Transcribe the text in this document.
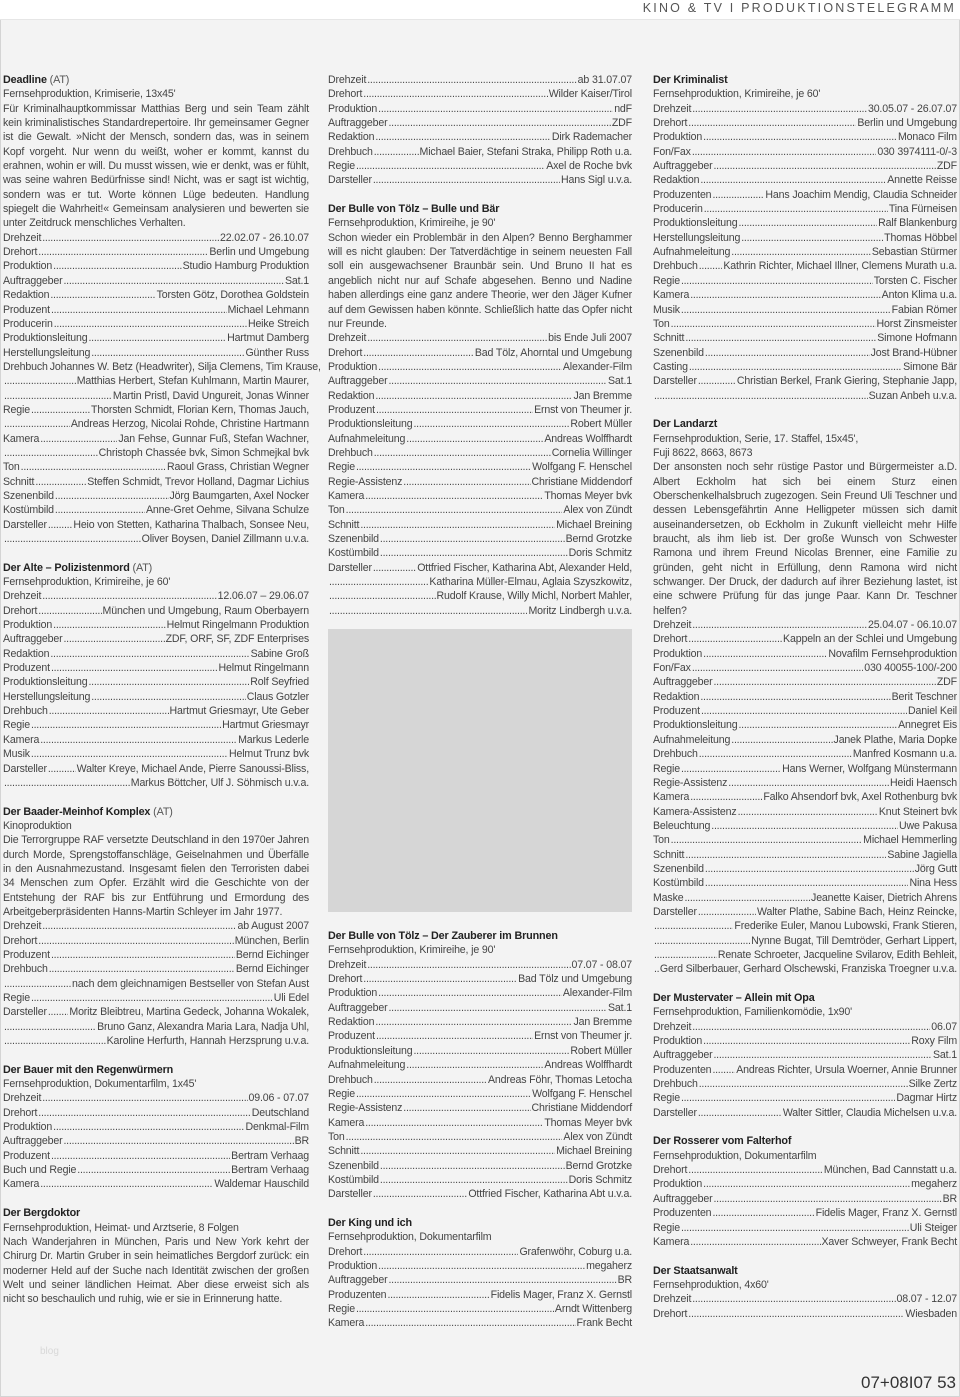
KINO & TV I PRODUKTIONSTELEGRAMM
Deadline (AT)
Fernsehproduktion, Krimiserie, 13x45'
Für Kriminalhauptkommissar Matthias Berg und sein Team zählt kein kriminalistisches Standardrepertoire. Ihr gemeinsamer Gegner ist die Gewalt. »Nicht der Mensch, sondern das, was in seinem Kopf vorgeht. Nur wenn du weißt, woher er kommt, kannst du erahnen, wohin er will. Du musst wissen, wie er denkt, was er fühlt, was seine wahren Bedürfnisse sind! Nicht, was er sagt ist wichtig, sondern was er tut. Worte können Lüge bedeuten. Handlung spiegelt die Wahrheit!« Gemeinsam analysieren und bewerten sie unter Zeitdruck menschliches Verhalten.
Drehzeit . . .	22.02.07 - 26.10.07
Drehort . . .	Berlin und Umgebung
Produktion . . .	Studio Hamburg Produktion
Auftraggeber . . .	Sat.1
Redaktion . . .	Torsten Götz, Dorothea Goldstein
Produzent . . .	Michael Lehmann
Producerin . . .	Heike Streich
Produktionsleitung . . .	Hartmut Damberg
Herstellungsleitung . . .	Günther Russ
Drehbuch Johannes W. Betz (Headwriter), Silja Clemens, Tim Krause,
. . .
Matthias Herbert, Stefan Kuhlmann, Martin Maurer,
. . .
Martin Pristl, David Ungureit, Jonas Winner
Regie . . .	Thorsten Schmidt, Florian Kern, Thomas Jauch,
. . .
Andreas Herzog, Nicolai Rohde, Christine Hartmann
Kamera . . .	Jan Fehse, Gunnar Fuß, Stefan Wachner,
. . .
Christoph Chassée bvk, Simon Schmejkal bvk
Ton . . .	Raoul Grass, Christian Wegner
Schnitt . . .	Steffen Schmidt, Trevor Holland, Dagmar Lichius
Szenenbild . . .	Jörg Baumgarten, Axel Nocker
Kostümbild . . .	Anne-Gret Oehme, Silvana Schulze
Darsteller . . . Heio von Stetten, Katharina Thalbach, Sonsee Neu,
. . .
Oliver Boysen, Daniel Zillmann u.v.a.
Der Alte – Polizistenmord (AT)
Fernsehproduktion, Krimireihe, je 60'
Drehzeit . . .	12.06.07 – 29.06.07
Drehort . . .	München und Umgebung, Raum Oberbayern
Produktion . . .	Helmut Ringelmann Produktion
Auftraggeber . . .	ZDF, ORF, SF, ZDF Enterprises
Redaktion . . .	Sabine Groß
Produzent . . .	Helmut Ringelmann
Produktionsleitung . . .	Rolf Seyfried
Herstellungsleitung . . .	Claus Gotzler
Drehbuch . . .	Hartmut Griesmayr, Ute Geber
Regie . . .	Hartmut Griesmayr
Kamera . . .	Markus Lederle
Musik . . .	Helmut Trunz bvk
Darsteller . . .	Walter Kreye, Michael Ande, Pierre Sanoussi-Bliss,
. . .
Markus Böttcher, Ulf J. Söhmisch u.v.a.
Der Baader-Meinhof Komplex (AT)
Kinoproduktion
Die Terrorgruppe RAF versetzte Deutschland in den 1970er Jahren durch Morde, Sprengstoffanschläge, Geiselnahmen und Überfälle in den Ausnahmezustand. Insgesamt fielen den Terroristen dabei 34 Menschen zum Opfer. Erzählt wird die Geschichte von der Entstehung der RAF bis zur Entführung und Ermordung des Arbeitgeberpräsidenten Hanns-Martin Schleyer im Jahr 1977.
Drehzeit . . .	ab August 2007
Drehort . . .	München, Berlin
Produzent . . .	Bernd Eichinger
Drehbuch . . .	Bernd Eichinger
. . .
nach dem gleichnamigen Bestseller von Stefan Aust
Regie . . .	Uli Edel
Darsteller . . . Moritz Bleibtreu, Martina Gedeck, Johanna Wokalek,
. . .
Bruno Ganz, Alexandra Maria Lara, Nadja Uhl,
. . .
Karoline Herfurth, Hannah Herzsprung u.v.a.
Der Bauer mit den Regenwürmern
Fernsehproduktion, Dokumentarfilm, 1x45'
Drehzeit . . .	09.06 - 07.07
Drehort . . .	Deutschland
Produktion . . .	Denkmal-Film
Auftraggeber . . .	BR
Produzent . . .	Bertram Verhaag
Buch und Regie . . .	Bertram Verhaag
Kamera . . .	Waldemar Hauschild
Der Bergdoktor
Fernsehproduktion, Heimat- und Arztserie, 8 Folgen
Nach Wanderjahren in München, Paris und New York kehrt der Chirurg Dr. Martin Gruber in sein heimatliches Bergdorf zurück: ein moderner Held auf der Suche nach Identität zwischen der großen Welt und seiner ländlichen Heimat. Aber diese erweist sich als nicht so beschaulich und ruhig, wie er sie in Erinnerung hatte.
Drehzeit . . .	ab 31.07.07
Drehort . . .	Wilder Kaiser/Tirol
Produktion . . .	ndF
Auftraggeber . . .	ZDF
Redaktion . . .	Dirk Rademacher
Drehbuch . . .	Michael Baier, Stefani Straka, Philipp Roth u.a.
Regie . . .	Axel de Roche bvk
Darsteller . . .	Hans Sigl u.v.a.
Der Bulle von Tölz – Bulle und Bär
Fernsehproduktion, Krimireihe, je 90'
Schon wieder ein Problembär in den Alpen? Benno Berghammer will es nicht glauben: Der Tatverdächtige in seinem neuesten Fall soll ein ausgewachsener Braunbär sein. Und Bruno II hat es angeblich nicht nur auf Schafe abgesehen. Benno und Nadine haben allerdings eine ganz andere Theorie, wer den Jäger Kufner auf dem Gewissen haben könnte. Schließlich hatte das Opfer nicht nur Freunde.
Drehzeit . . .	bis Ende Juli 2007
Drehort . . .	Bad Tölz, Ahorntal und Umgebung
Produktion . . .	Alexander-Film
Auftraggeber . . .	Sat.1
Redaktion . . .	Jan Bremme
Produzent . . .	Ernst von Theumer jr.
Produktionsleitung . . .	Robert Müller
Aufnahmeleitung . . .	Andreas Wolffhardt
Drehbuch . . .	Cornelia Willinger
Regie . . .	Wolfgang F. Henschel
Regie-Assistenz . . .	Christiane Middendorf
Kamera . . .	Thomas Meyer bvk
Ton . . .	Alex von Zündt
Schnitt . . .	Michael Breining
Szenenbild . . .	Bernd Grotzke
Kostümbild . . .	Doris Schmitz
Darsteller . . .	Ottfried Fischer, Katharina Abt, Alexander Held,
. . .
Katharina Müller-Elmau, Aglaia Szyszkowitz,
. . .
Rudolf Krause, Willy Michl, Norbert Mahler,
. . .
Moritz Lindbergh u.v.a.
Der Bulle von Tölz – Der Zauberer im Brunnen
Fernsehproduktion, Krimireihe, je 90'
Drehzeit . . .	07.07 - 08.07
Drehort . . .	Bad Tölz und Umgebung
Produktion . . .	Alexander-Film
Auftraggeber . . .	Sat.1
Redaktion . . .	Jan Bremme
Produzent . . .	Ernst von Theumer jr.
Produktionsleitung . . .	Robert Müller
Aufnahmeleitung . . .	Andreas Wolffhardt
Drehbuch . . .	Andreas Föhr, Thomas Letocha
Regie . . .	Wolfgang F. Henschel
Regie-Assistenz . . .	Christiane Middendorf
Kamera . . .	Thomas Meyer bvk
Ton . . .	Alex von Zündt
Schnitt . . .	Michael Breining
Szenenbild . . .	Bernd Grotzke
Kostümbild . . .	Doris Schmitz
Darsteller . . .	Ottfried Fischer, Katharina Abt u.v.a.
Der King und ich
Fernsehproduktion, Dokumentarfilm
Drehort . . .	Grafenwöhr, Coburg u.a.
Produktion . . .	megaherz
Auftraggeber . . .	BR
Produzenten . . .	Fidelis Mager, Franz X. Gernstl
Regie . . .	Arndt Wittenberg
Kamera . . .	Frank Becht
Der Kriminalist
Fernsehproduktion, Krimireihe, je 60'
Drehzeit . . .	30.05.07 - 26.07.07
Drehort . . .	Berlin und Umgebung
Produktion . . .	Monaco Film
Fon/Fax . . .	030 3974111-0/-3
Auftraggeber . . .	ZDF
Redaktion . . .	Annette Reisse
Produzenten . . .	Hans Joachim Mendig, Claudia Schneider
Producerin . . .	Tina Fürneisen
Produktionsleitung . . .	Ralf Blankenburg
Herstellungsleitung . . .	Thomas Höbbel
Aufnahmeleitung . . .	Sebastian Stürmer
Drehbuch . . . Kathrin Richter, Michael Illner, Clemens Murath u.a.
Regie . . .	Torsten C. Fischer
Kamera . . .	Anton Klima u.a.
Musik . . .	Fabian Römer
Ton . . .	Horst Zinsmeister
Schnitt . . .	Simone Hofmann
Szenenbild . . .	Jost Brand-Hübner
Casting . . .	Simone Bär
Darsteller . . .	Christian Berkel, Frank Giering, Stephanie Japp,
. . .
Suzan Anbeh u.v.a.
Der Landarzt
Fernsehproduktion, Serie, 17. Staffel, 15x45',
Fuji 8622, 8663, 8673
Der ansonsten noch sehr rüstige Pastor und Bürgermeister a.D. Albert Eckholm hat sich bei einem Sturz einen Oberschenkelhalsbruch zugezogen. Sein Freund Uli Teschner und dessen Lebensgefährtin Anne Helligpeter müssen sich damit auseinandersetzen, ob Eckholm in Zukunft vielleicht mehr Hilfe braucht, als ihm lieb ist. Der große Wunsch von Schwester Ramona und ihrem Freund Nicolas Brenner, eine Familie zu gründen, geht nicht in Erfüllung, denn Ramona wird nicht schwanger. Der Druck, der dadurch auf ihrer Beziehung lastet, ist eine schwere Prüfung für das junge Paar. Kann Dr. Teschner helfen?
Drehzeit . . .	25.04.07 - 06.10.07
Drehort . . .	Kappeln an der Schlei und Umgebung
Produktion . . .	Novafilm Fernsehproduktion
Fon/Fax . . .	030 40055-100/-200
Auftraggeber . . .	ZDF
Redaktion . . .	Berit Teschner
Produzent . . .	Daniel Keil
Produktionsleitung . . .	Annegret Eis
Aufnahmeleitung . . .	Janek Plathe, Maria Dopke
Drehbuch . . .	Manfred Kosmann u.a.
Regie . . .	Hans Werner, Wolfgang Münstermann
Regie-Assistenz . . .	Heidi Haensch
Kamera . . .	Falko Ahsendorf bvk, Axel Rothenburg bvk
Kamera-Assistenz . . .	Knut Steinert bvk
Beleuchtung . . .	Uwe Pakusa
Ton . . .	Michael Hemmerling
Schnitt . . .	Sabine Jagiella
Szenenbild . . .	Jörg Gutt
Kostümbild . . .	Nina Hess
Maske . . .	Jeanette Kaiser, Dietrich Ahrens
Darsteller . . .	Walter Plathe, Sabine Bach, Heinz Reincke,
. . .
Frederike Euler, Manou Lubowski, Frank Stieren,
. . .
Nynne Bugat, Till Demtröder, Gerhart Lippert,
. . .
Renate Schroeter, Jacqueline Svilarov, Edith Behleit,
. . .
Gerd Silberbauer, Gerhard Olschewski, Franziska Troegner u.v.a.
Der Mustervater – Allein mit Opa
Fernsehproduktion, Familienkomödie, 1x90'
Drehzeit . . .	06.07
Produktion . . .	Roxy Film
Auftraggeber . . .	Sat.1
Produzenten . . . Andreas Richter, Ursula Woerner, Annie Brunner
Drehbuch . . .	Silke Zertz
Regie . . .	Dagmar Hirtz
Darsteller . . .	Walter Sittler, Claudia Michelsen u.v.a.
Der Rosserer vom Falterhof
Fernsehproduktion, Dokumentarfilm
Drehort . . .	München, Bad Cannstatt u.a.
Produktion . . .	megaherz
Auftraggeber . . .	BR
Produzenten . . .	Fidelis Mager, Franz X. Gernstl
Regie . . .	Uli Steiger
Kamera . . .	Xaver Schweyer, Frank Becht
Der Staatsanwalt
Fernsehproduktion, 4x60'
Drehzeit . . .	08.07 - 12.07
Drehort . . .	Wiesbaden
blog
07+08I07 53
